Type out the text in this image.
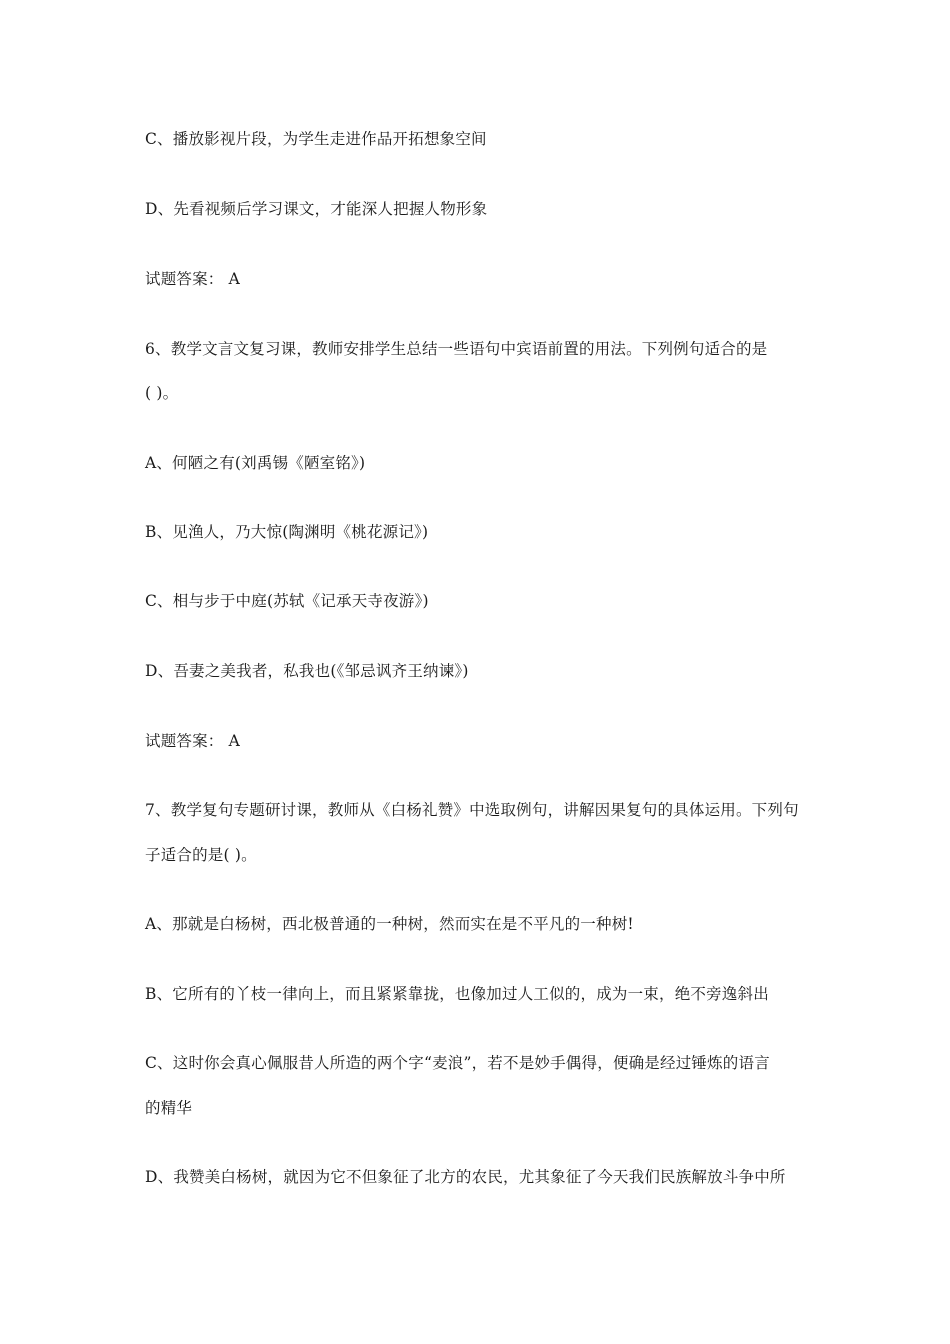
C、播放影视片段，为学生走进作品开拓想象空间
D、先看视频后学习课文，才能深人把握人物形象
试题答案： A
6、教学文言文复习课，教师安排学生总结一些语句中宾语前置的用法。下列例句适合的是
( )。
A、何陋之有(刘禹锡《陋室铭》)
B、见渔人，乃大惊(陶渊明《桃花源记》)
C、相与步于中庭(苏轼《记承天寺夜游》)
D、吾妻之美我者，私我也(《邹忌讽齐王纳谏》)
试题答案： A
7、教学复句专题研讨课，教师从《白杨礼赞》中选取例句，讲解因果复句的具体运用。下列句
子适合的是( )。
A、那就是白杨树，西北极普通的一种树，然而实在是不平凡的一种树!
B、它所有的丫枝一律向上，而且紧紧靠拢，也像加过人工似的，成为一束，绝不旁逸斜出
C、这时你会真心佩服昔人所造的两个字“麦浪”，若不是妙手偶得，便确是经过锤炼的语言
的精华
D、我赞美白杨树，就因为它不但象征了北方的农民，尤其象征了今天我们民族解放斗争中所
